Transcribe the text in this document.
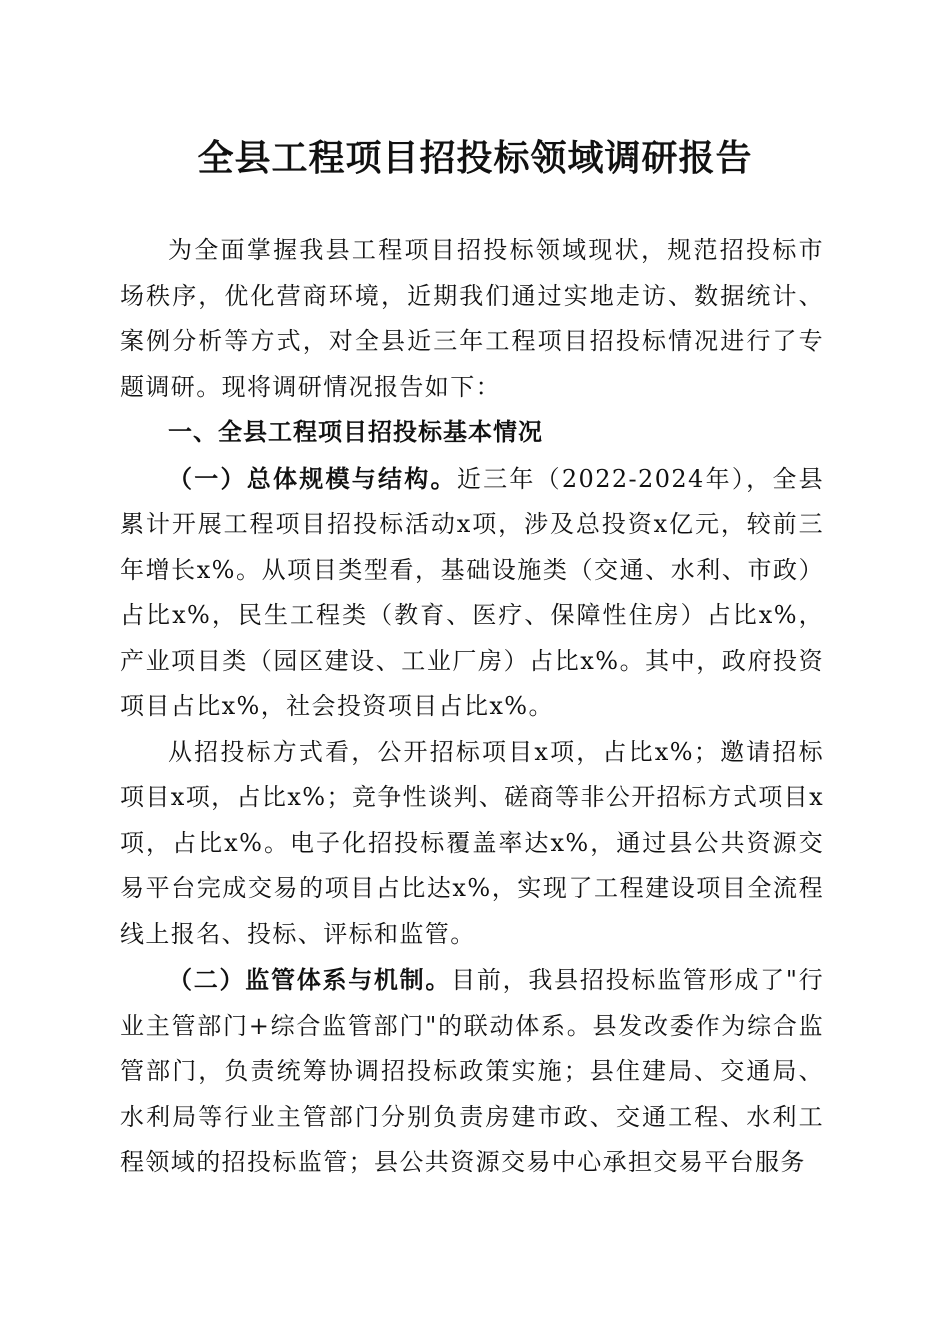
全县工程项目招投标领域调研报告

为全面掌握我县工程项目招投标领域现状，规范招投标市场秩序，优化营商环境，近期我们通过实地走访、数据统计、案例分析等方式，对全县近三年工程项目招投标情况进行了专题调研。现将调研情况报告如下：

一、全县工程项目招投标基本情况

（一）总体规模与结构。近三年（2022-2024年），全县累计开展工程项目招投标活动x项，涉及总投资x亿元，较前三年增长x%。从项目类型看，基础设施类（交通、水利、市政）占比x%，民生工程类（教育、医疗、保障性住房）占比x%，产业项目类（园区建设、工业厂房）占比x%。其中，政府投资项目占比x%，社会投资项目占比x%。

从招投标方式看，公开招标项目x项，占比x%；邀请招标项目x项，占比x%；竞争性谈判、磋商等非公开招标方式项目x项，占比x%。电子化招投标覆盖率达x%，通过县公共资源交易平台完成交易的项目占比达x%，实现了工程建设项目全流程线上报名、投标、评标和监管。

（二）监管体系与机制。目前，我县招投标监管形成了"行业主管部门+综合监管部门"的联动体系。县发改委作为综合监管部门，负责统筹协调招投标政策实施；县住建局、交通局、水利局等行业主管部门分别负责房建市政、交通工程、水利工程领域的招投标监管；县公共资源交易中心承担交易平台服务
